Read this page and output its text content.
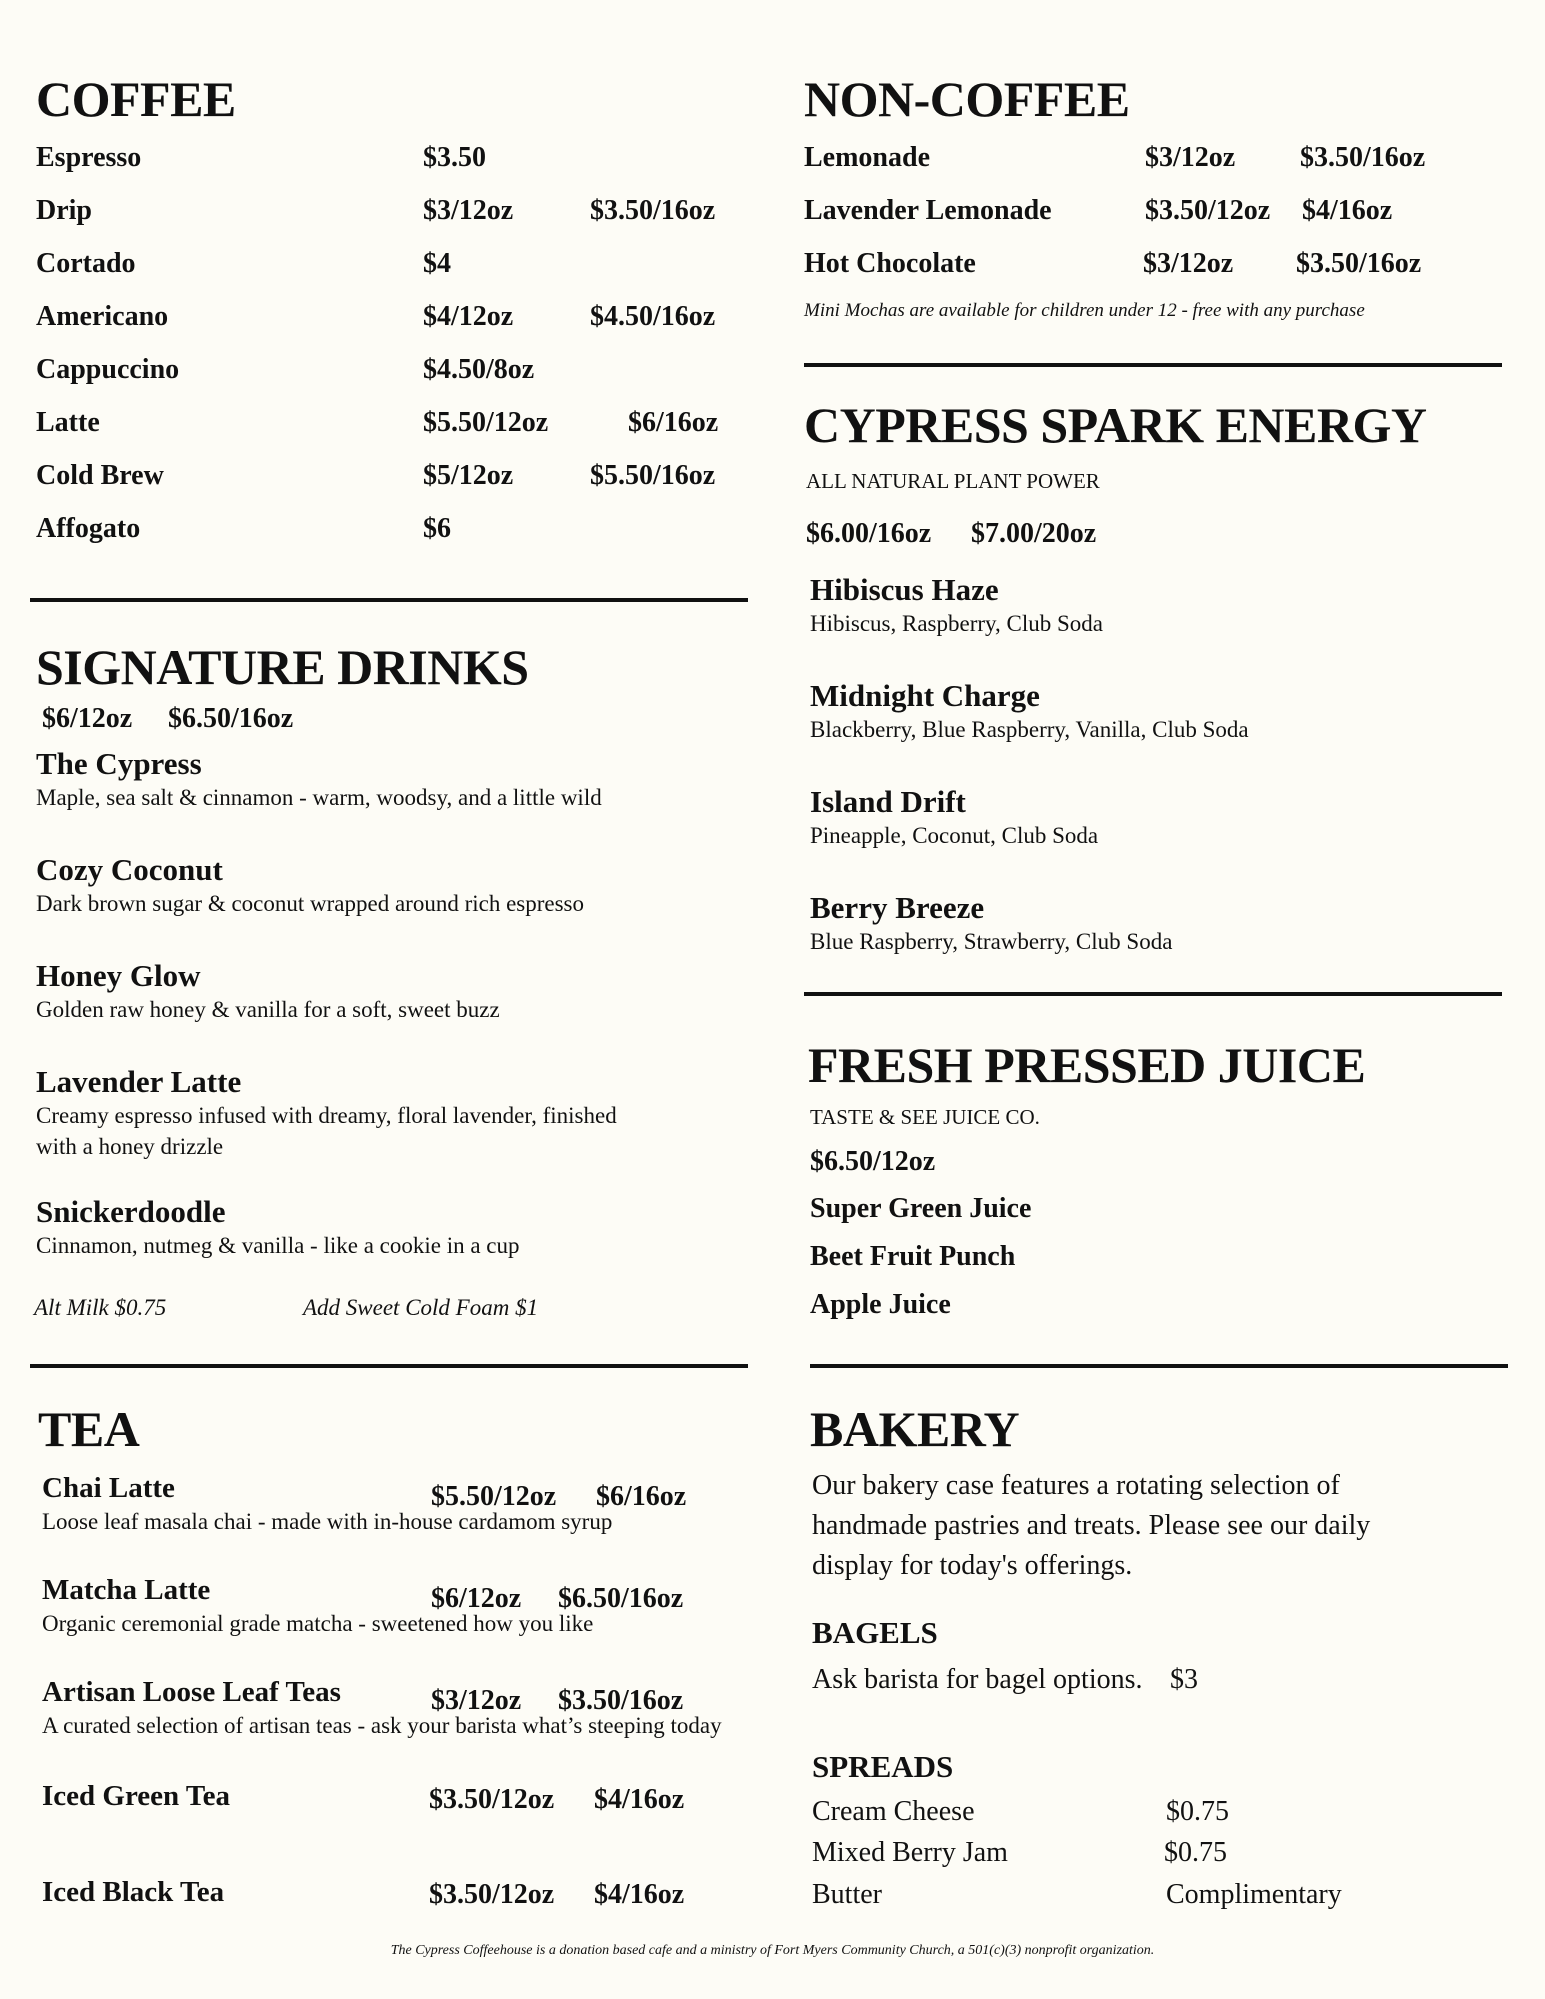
COFFEE
Espresso	$3.50
Drip	$3/12oz	$3.50/16oz
Cortado	$4
Americano	$4/12oz	$4.50/16oz
Cappuccino	$4.50/8oz
Latte	$5.50/12oz	$6/16oz
Cold Brew	$5/12oz	$5.50/16oz
Affogato	$6
SIGNATURE DRINKS
$6/12oz $6.50/16oz
The Cypress
Maple, sea salt & cinnamon - warm, woodsy, and a little wild
Cozy Coconut
Dark brown sugar & coconut wrapped around rich espresso
Honey Glow
Golden raw honey & vanilla for a soft, sweet buzz
Lavender Latte
Creamy espresso infused with dreamy, floral lavender, finished with a honey drizzle
Snickerdoodle
Cinnamon, nutmeg & vanilla - like a cookie in a cup
Alt Milk $0.75	Add Sweet Cold Foam $1
TEA
Chai Latte	$5.50/12oz $6/16oz
Loose leaf masala chai - made with in-house cardamom syrup
Matcha Latte	$6/12oz $6.50/16oz
Organic ceremonial grade matcha - sweetened how you like
Artisan Loose Leaf Teas	$3/12oz $3.50/16oz
A curated selection of artisan teas - ask your barista what’s steeping today
Iced Green Tea	$3.50/12oz $4/16oz
Iced Black Tea	$3.50/12oz $4/16oz
NON-COFFEE
Lemonade	$3/12oz $3.50/16oz
Lavender Lemonade	$3.50/12oz $4/16oz
Hot Chocolate	$3/12oz $3.50/16oz
Mini Mochas are available for children under 12 - free with any purchase
CYPRESS SPARK ENERGY
ALL NATURAL PLANT POWER
$6.00/16oz $7.00/20oz
Hibiscus Haze
Hibiscus, Raspberry, Club Soda
Midnight Charge
Blackberry, Blue Raspberry, Vanilla, Club Soda
Island Drift
Pineapple, Coconut, Club Soda
Berry Breeze
Blue Raspberry, Strawberry, Club Soda
FRESH PRESSED JUICE
TASTE & SEE JUICE CO.
$6.50/12oz
Super Green Juice
Beet Fruit Punch
Apple Juice
BAKERY
Our bakery case features a rotating selection of
handmade pastries and treats. Please see our daily
display for today's offerings.
BAGELS
Ask barista for bagel options. $3
SPREADS
Cream Cheese	$0.75
Mixed Berry Jam	$0.75
Butter	Complimentary
The Cypress Coffeehouse is a donation based cafe and a ministry of Fort Myers Community Church, a 501(c)(3) nonprofit organization.
